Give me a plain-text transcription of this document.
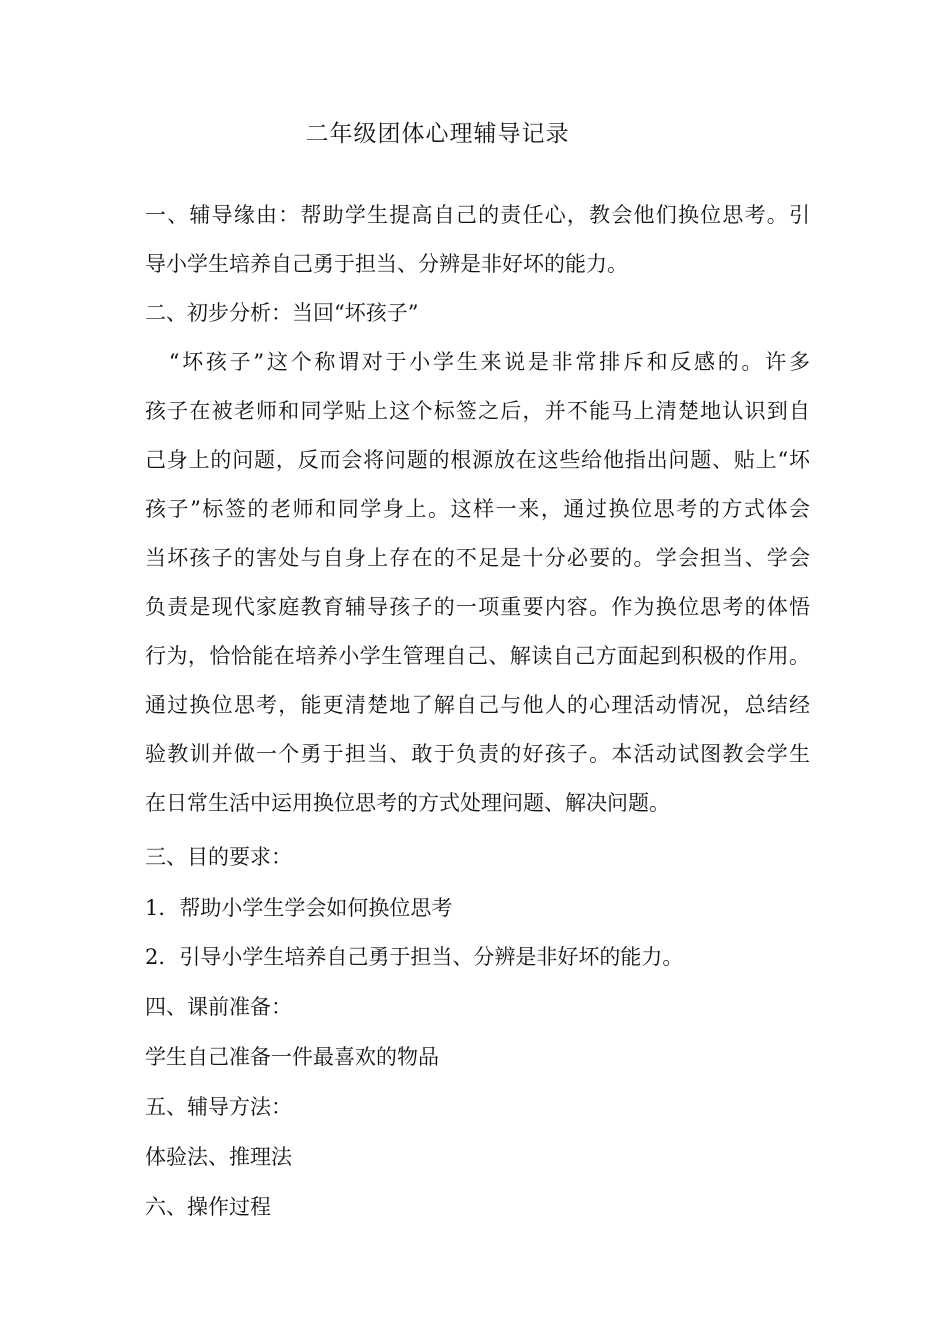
二年级团体心理辅导记录
一、辅导缘由：帮助学生提高自己的责任心，教会他们换位思考。引
导小学生培养自己勇于担当、分辨是非好坏的能力。
二、初步分析：当回“坏孩子”
　“坏孩子”这个称谓对于小学生来说是非常排斥和反感的。许多
孩子在被老师和同学贴上这个标签之后，并不能马上清楚地认识到自
己身上的问题，反而会将问题的根源放在这些给他指出问题、贴上“坏
孩子”标签的老师和同学身上。这样一来，通过换位思考的方式体会
当坏孩子的害处与自身上存在的不足是十分必要的。学会担当、学会
负责是现代家庭教育辅导孩子的一项重要内容。作为换位思考的体悟
行为，恰恰能在培养小学生管理自己、解读自己方面起到积极的作用。
通过换位思考，能更清楚地了解自己与他人的心理活动情况，总结经
验教训并做一个勇于担当、敢于负责的好孩子。本活动试图教会学生
在日常生活中运用换位思考的方式处理问题、解决问题。
三、目的要求：
1．帮助小学生学会如何换位思考
2．引导小学生培养自己勇于担当、分辨是非好坏的能力。
四、课前准备：
学生自己准备一件最喜欢的物品
五、辅导方法：
体验法、推理法
六、操作过程
